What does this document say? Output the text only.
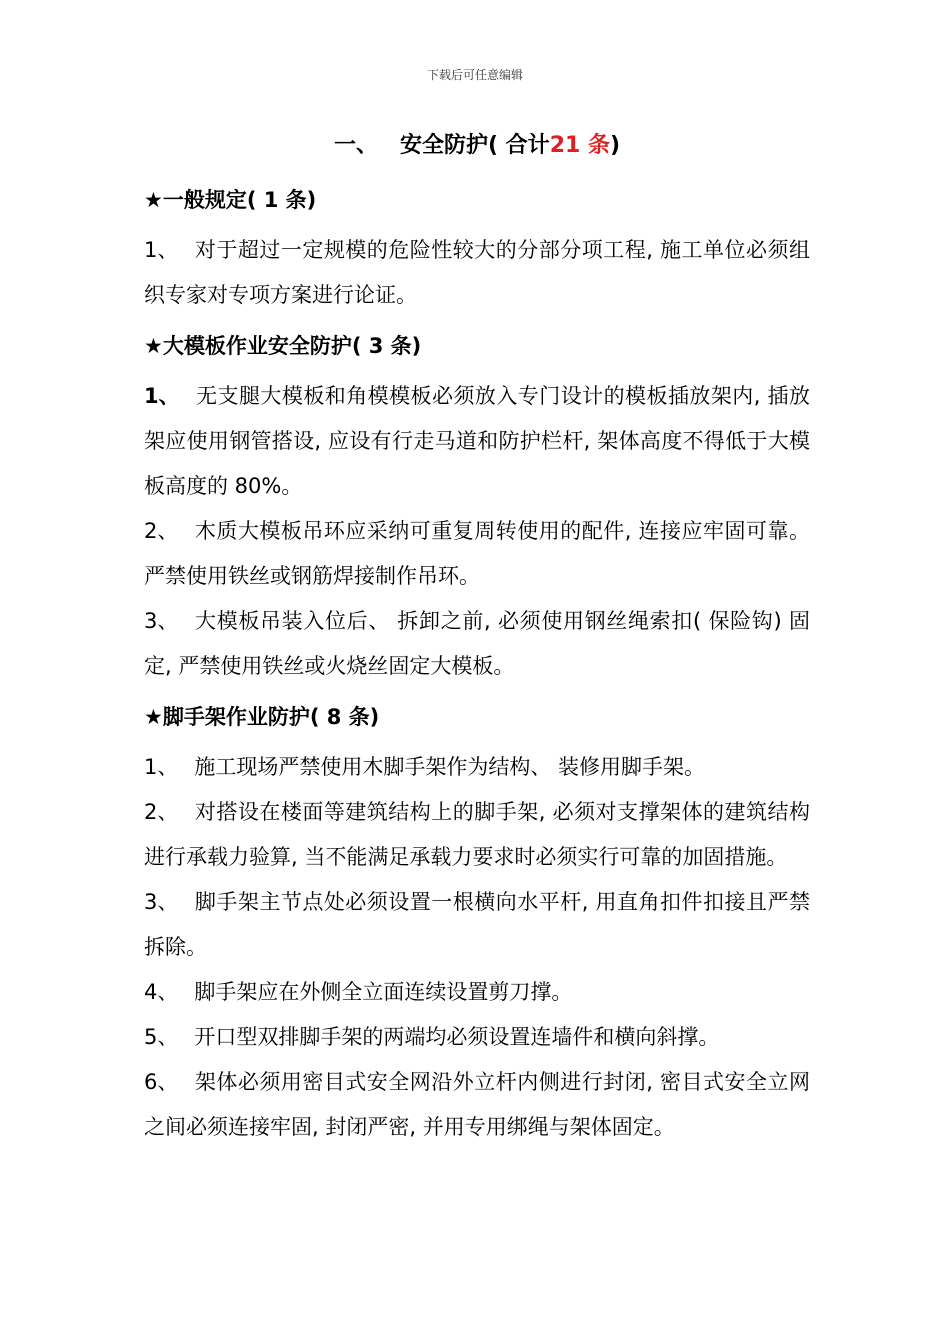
下载后可任意编辑
一、 安全防护( 合计21 条)
★一般规定( 1 条)
1、 对于超过一定规模的危险性较大的分部分项工程, 施工单位必须组织专家对专项方案进行论证。
★大模板作业安全防护( 3 条)
1、 无支腿大模板和角模模板必须放入专门设计的模板插放架内, 插放架应使用钢管搭设, 应设有行走马道和防护栏杆, 架体高度不得低于大模板高度的 80%。
2、 木质大模板吊环应采纳可重复周转使用的配件, 连接应牢固可靠。严禁使用铁丝或钢筋焊接制作吊环。
3、 大模板吊装入位后、 拆卸之前, 必须使用钢丝绳索扣( 保险钩) 固定, 严禁使用铁丝或火烧丝固定大模板。
★脚手架作业防护( 8 条)
1、 施工现场严禁使用木脚手架作为结构、 装修用脚手架。
2、 对搭设在楼面等建筑结构上的脚手架, 必须对支撑架体的建筑结构进行承载力验算, 当不能满足承载力要求时必须实行可靠的加固措施。
3、 脚手架主节点处必须设置一根横向水平杆, 用直角扣件扣接且严禁拆除。
4、 脚手架应在外侧全立面连续设置剪刀撑。
5、 开口型双排脚手架的两端均必须设置连墙件和横向斜撑。
6、 架体必须用密目式安全网沿外立杆内侧进行封闭, 密目式安全立网之间必须连接牢固, 封闭严密, 并用专用绑绳与架体固定。
